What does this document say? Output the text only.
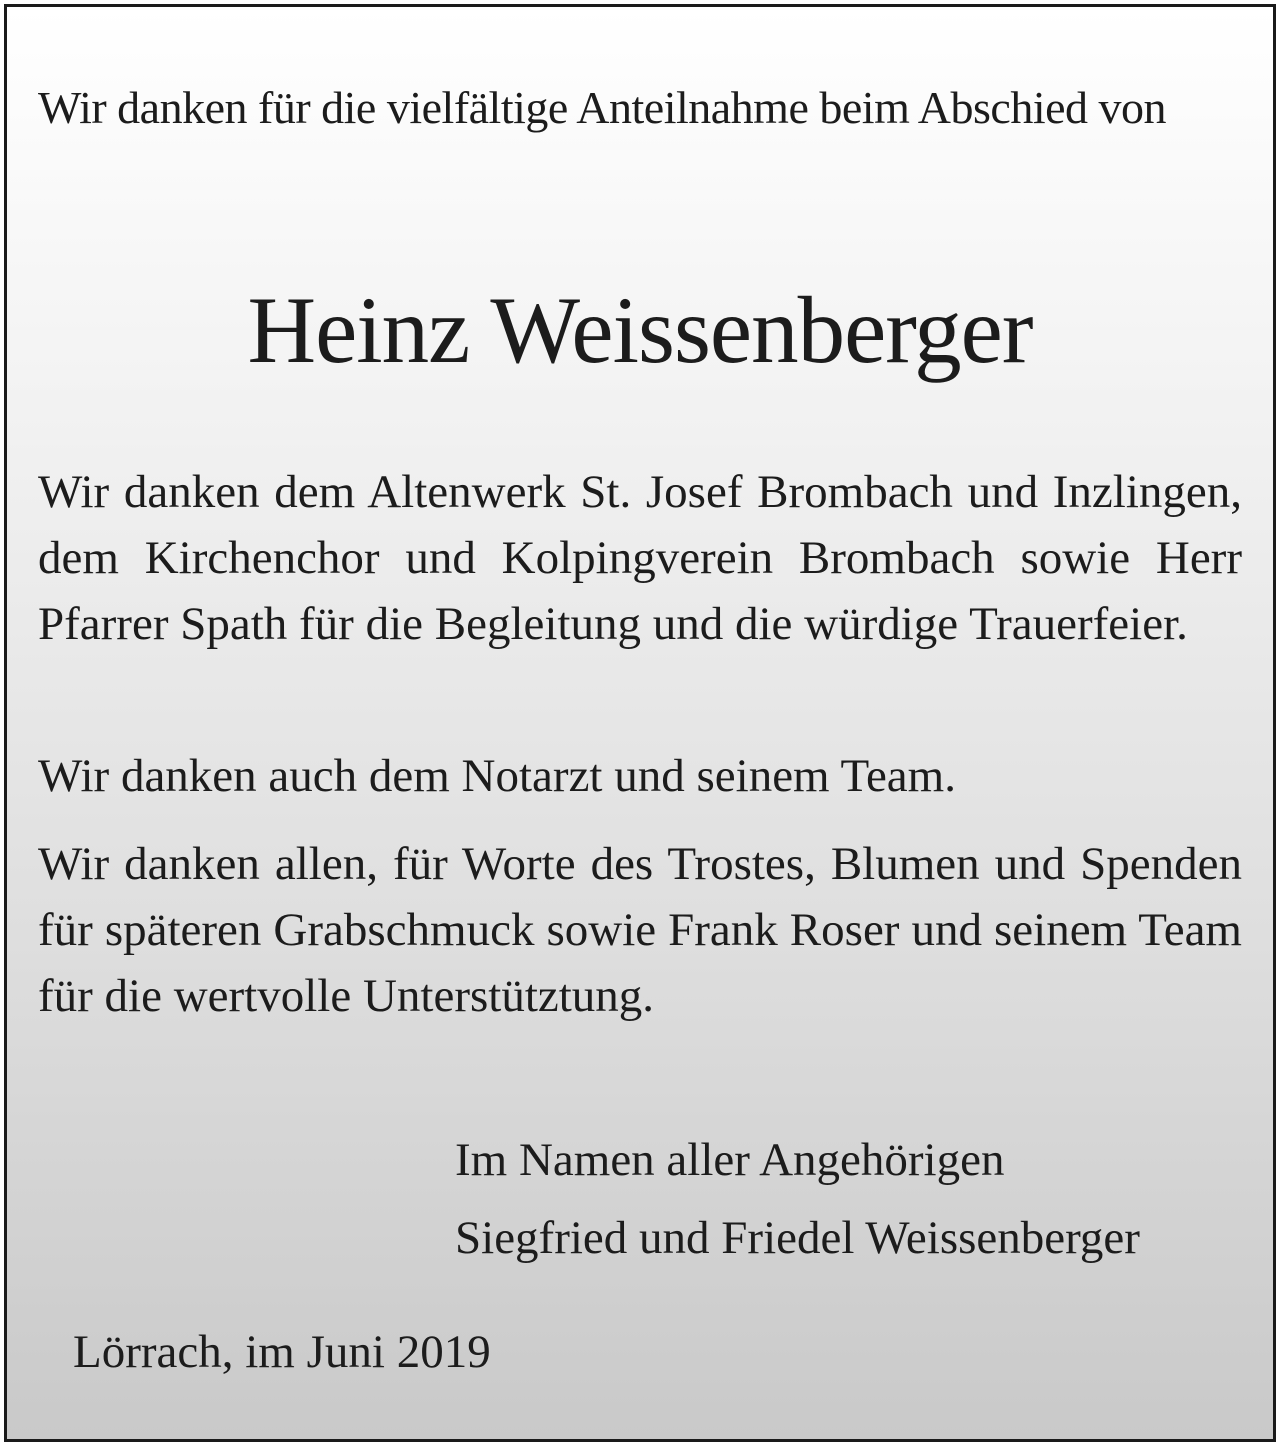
Wir danken für die vielfältige Anteilnahme beim Abschied von

Heinz Weissenberger

Wir danken dem Altenwerk St. Josef Brombach und Inzlingen, dem Kirchenchor und Kolpingverein Brombach sowie Herr Pfarrer Spath für die Begleitung und die würdige Trauerfeier.

Wir danken auch dem Notarzt und seinem Team.

Wir danken allen, für Worte des Trostes, Blumen und Spenden für späteren Grabschmuck sowie Frank Roser und seinem Team für die wertvolle Unterstütztung.

Im Namen aller Angehörigen

Siegfried und Friedel Weissenberger

Lörrach, im Juni 2019
